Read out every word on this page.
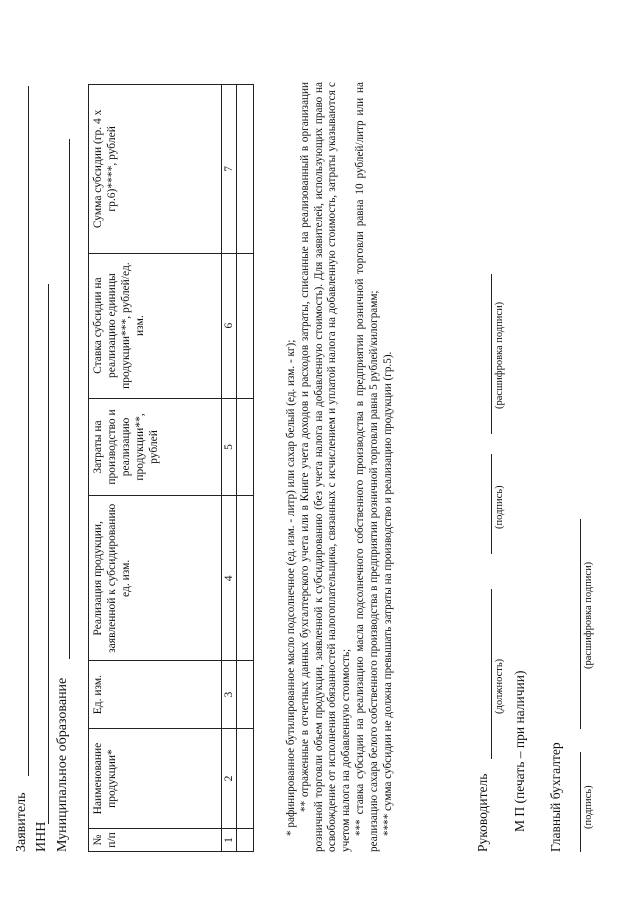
Заявитель ИНН Муниципальное образование № п/п	Наименование продукции*	Ед. изм.	Реализация продукции, заявленной к субсидированию ед. изм.	Затраты на производство и реализацию продукции**, рублей	Ставка субсидии на реализацию единицы продукции***, рублей/ед. изм.	Сумма субсидии (гр. 4 х гр.6)****, рублей
1	2	3	4	5	6	7

* рафинированное бутилированное масло подсолнечное (ед. изм. - литр) или сахар белый (ед. изм. - кг); ** отраженные в отчетных данных бухгалтерского учета или в Книге учета доходов и расходов затраты, списанные на реализованный в организации розничной торговли объем продукции, заявленной к субсидированию (без учета налога на добавленную стоимость). Для заявителей, использующих право на освобождение от исполнения обязанностей налогоплательщика, связанных с исчислением и уплатой налога на добавленную стоимость, затраты указываются с учетом налога на добавленную стоимость; *** ставка субсидии на реализацию масла подсолнечного собственного производства в предприятии розничной торговли равна 10 рублей/литр или на реализацию сахара белого собственного производства в предприятии розничной торговли равна 5 рублей/килограмм; **** сумма субсидии не должна превышать затраты на производство и реализацию продукции (гр.5).	Руководитель
(должность)
(подпись)
(расшифровка подписи)
М П (печать – при наличии) Главный бухгалтер (подпись)
(расшифровка подписи)
